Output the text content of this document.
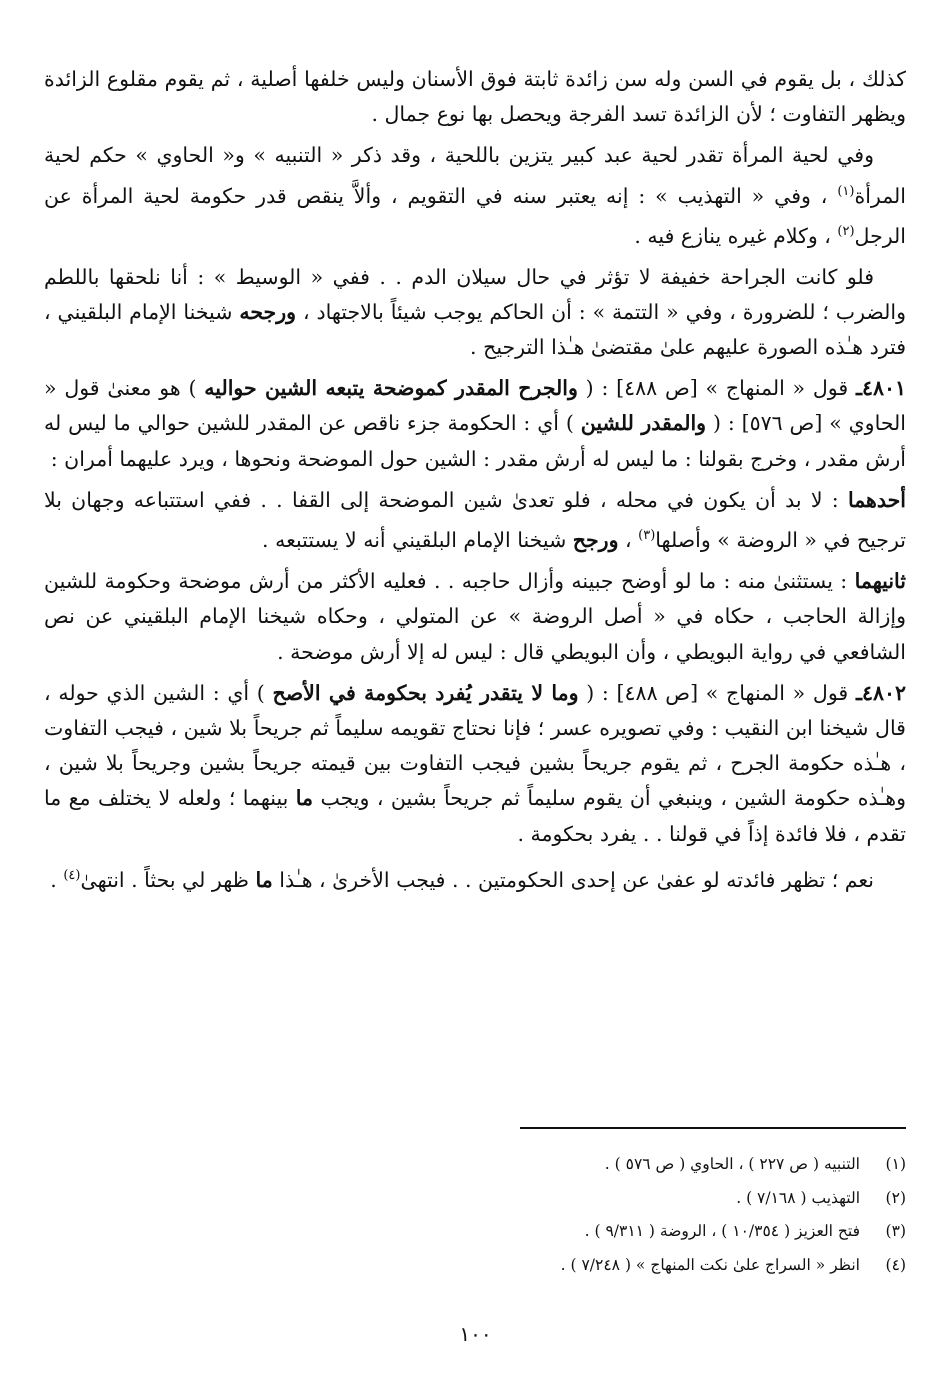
كذلك ، بل يقوم في السن وله سن زائدة ثابتة فوق الأسنان وليس خلفها أصلية ، ثم يقوم مقلوع الزائدة ويظهر التفاوت ؛ لأن الزائدة تسد الفرجة ويحصل بها نوع جمال .

وفي لحية المرأة تقدر لحية عبد كبير يتزين باللحية ، وقد ذكر « التنبيه » و« الحاوي » حكم لحية المرأة$^{(١)}$ ، وفي « التهذيب » : إنه يعتبر سنه في التقويم ، وألاَّ ينقص قدر حكومة لحية المرأة عن الرجل$^{(٢)}$ ، وكلام غيره ينازع فيه .

فلو كانت الجراحة خفيفة لا تؤثر في حال سيلان الدم . . ففي « الوسيط » : أنا نلحقها باللطم والضرب ؛ للضرورة ، وفي « التتمة » : أن الحاكم يوجب شيئاً بالاجتهاد ، ورجحه شيخنا الإمام البلقيني ، فترد هـٰذه الصورة عليهم علىٰ مقتضىٰ هـٰذا الترجيح .

٤٨٠١ـ قول « المنهاج » [ص ٤٨٨] : ( والجرح المقدر كموضحة يتبعه الشين حواليه ) هو معنىٰ قول « الحاوي » [ص ٥٧٦] : ( والمقدر للشين ) أي : الحكومة جزء ناقص عن المقدر للشين حوالي ما ليس له أرش مقدر ، وخرج بقولنا : ما ليس له أرش مقدر : الشين حول الموضحة ونحوها ، ويرد عليهما أمران :

أحدهما : لا بد أن يكون في محله ، فلو تعدىٰ شين الموضحة إلى القفا . . ففي استتباعه وجهان بلا ترجيح في « الروضة » وأصلها$^{(٣)}$ ، ورجح شيخنا الإمام البلقيني أنه لا يستتبعه .

ثانيهما : يستثنىٰ منه : ما لو أوضح جبينه وأزال حاجبه . . فعليه الأكثر من أرش موضحة وحكومة للشين وإزالة الحاجب ، حكاه في « أصل الروضة » عن المتولي ، وحكاه شيخنا الإمام البلقيني عن نص الشافعي في رواية البويطي ، وأن البويطي قال : ليس له إلا أرش موضحة .

٤٨٠٢ـ قول « المنهاج » [ص ٤٨٨] : ( وما لا يتقدر يُفرد بحكومة في الأصح ) أي : الشين الذي حوله ، قال شيخنا ابن النقيب : وفي تصويره عسر ؛ فإنا نحتاج تقويمه سليماً ثم جريحاً بلا شين ، فيجب التفاوت ، هـٰذه حكومة الجرح ، ثم يقوم جريحاً بشين فيجب التفاوت بين قيمته جريحاً بشين وجريحاً بلا شين ، وهـٰذه حكومة الشين ، وينبغي أن يقوم سليماً ثم جريحاً بشين ، ويجب ما بينهما ؛ ولعله لا يختلف مع ما تقدم ، فلا فائدة إذاً في قولنا . . يفرد بحكومة .

نعم ؛ تظهر فائدته لو عفىٰ عن إحدى الحكومتين . . فيجب الأخرىٰ ، هـٰذا ما ظهر لي بحثاً . انتهىٰ$^{(٤)}$ .

(١)التنبيه ( ص ٢٢٧ ) ، الحاوي ( ص ٥٧٦ ) .
(٢)التهذيب ( ٧/١٦٨ ) .
(٣)فتح العزيز ( ١٠/٣٥٤ ) ، الروضة ( ٩/٣١١ ) .
(٤)انظر « السراج علىٰ نكت المنهاج » ( ٧/٢٤٨ ) .
١٠٠
